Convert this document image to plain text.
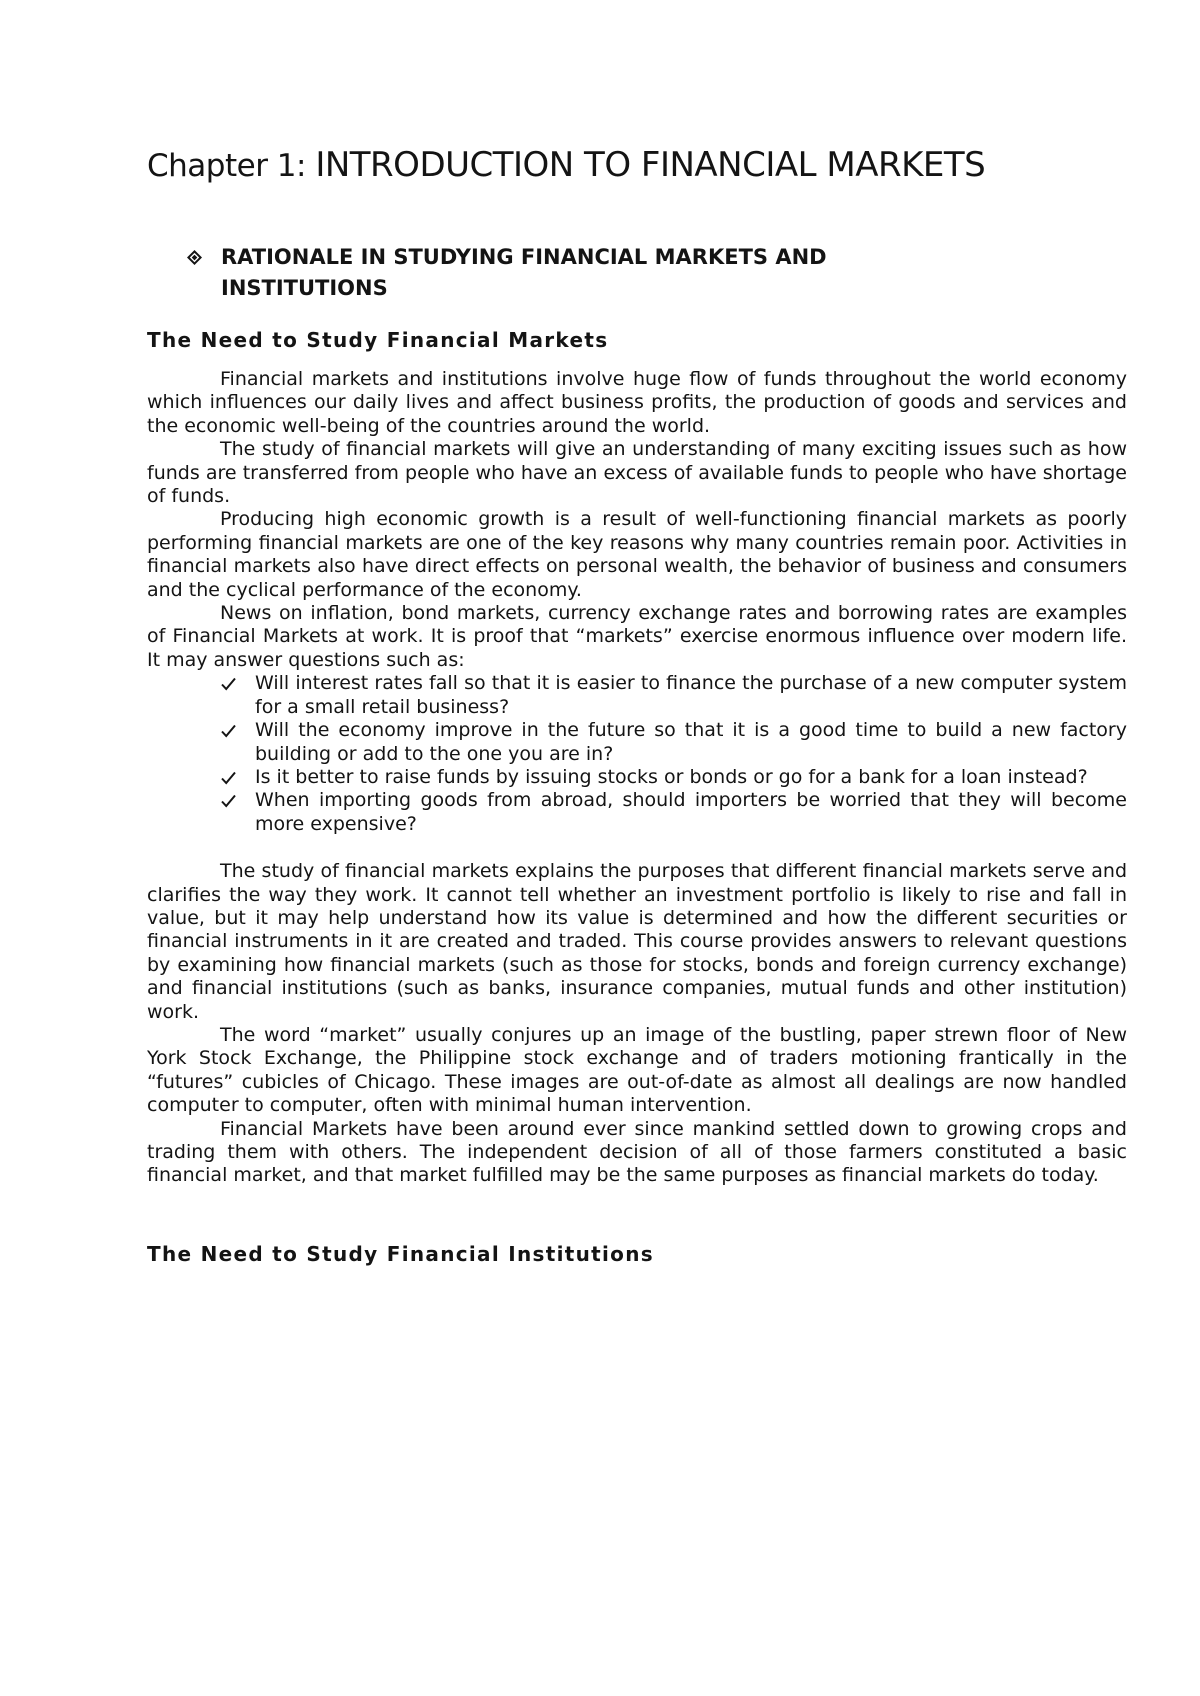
Chapter 1: INTRODUCTION TO FINANCIAL MARKETS
RATIONALE IN STUDYING FINANCIAL MARKETS AND INSTITUTIONS
The Need to Study Financial Markets

Financial markets and institutions involve huge flow of funds throughout the world economy which influences our daily lives and affect business profits, the production of goods and services and the economic well-being of the countries around the world.

The study of financial markets will give an understanding of many exciting issues such as how funds are transferred from people who have an excess of available funds to people who have shortage of funds.

Producing high economic growth is a result of well-functioning financial markets as poorly performing financial markets are one of the key reasons why many countries remain poor. Activities in financial markets also have direct effects on personal wealth, the behavior of business and consumers and the cyclical performance of the economy.

News on inflation, bond markets, currency exchange rates and borrowing rates are examples of Financial Markets at work. It is proof that “markets” exercise enormous influence over modern life. It may answer questions such as:

Will interest rates fall so that it is easier to finance the purchase of a new computer system for a small retail business?
Will the economy improve in the future so that it is a good time to build a new factory building or add to the one you are in?
Is it better to raise funds by issuing stocks or bonds or go for a bank for a loan instead?
When importing goods from abroad, should importers be worried that they will become more expensive?

The study of financial markets explains the purposes that different financial markets serve and clarifies the way they work. It cannot tell whether an investment portfolio is likely to rise and fall in value, but it may help understand how its value is determined and how the different securities or financial instruments in it are created and traded. This course provides answers to relevant questions by examining how financial markets (such as those for stocks, bonds and foreign currency exchange) and financial institutions (such as banks, insurance companies, mutual funds and other institution) work.

The word “market” usually conjures up an image of the bustling, paper strewn floor of New York Stock Exchange, the Philippine stock exchange and of traders motioning frantically in the “futures” cubicles of Chicago. These images are out-of-date as almost all dealings are now handled computer to computer, often with minimal human intervention.

Financial Markets have been around ever since mankind settled down to growing crops and trading them with others. The independent decision of all of those farmers constituted a basic financial market, and that market fulfilled may be the same purposes as financial markets do today.

The Need to Study Financial Institutions
